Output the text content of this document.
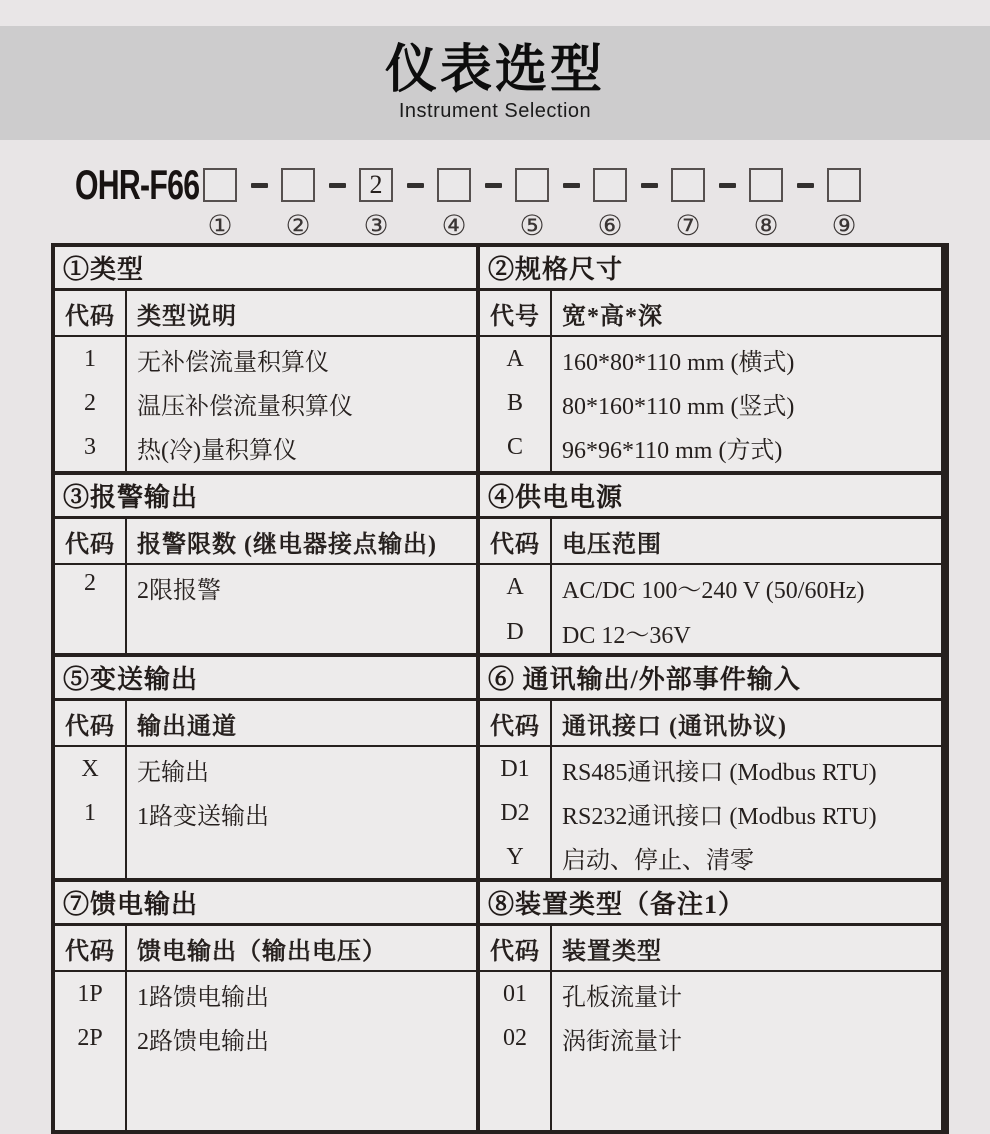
仪表选型
Instrument Selection
OHR-F66	2
① ② ③ ④ ⑤ ⑥ ⑦ ⑧ ⑨
①类型
代码 类型说明
1	无补偿流量积算仪
2	温压补偿流量积算仪
3	热(冷)量积算仪
②规格尺寸
代号 宽*高*深
A	160*80*110 mm (横式)
B	80*160*110 mm (竖式)
C	96*96*110 mm (方式)
③报警输出
代码 报警限数 (继电器接点输出)
2	2限报警
④供电电源
代码 电压范围
A	AC/DC 100～240 V (50/60Hz)
D	DC 12～36V
⑤变送输出
代码 输出通道
X	无输出
1	1路变送输出
⑥ 通讯输出/外部事件输入
代码 通讯接口 (通讯协议)
D1	RS485通讯接口 (Modbus RTU)
D2	RS232通讯接口 (Modbus RTU)
Y	启动、停止、清零
⑦馈电输出
代码 馈电输出（输出电压）
1P	1路馈电输出
2P	2路馈电输出
⑧装置类型（备注1）
代码 装置类型
01	孔板流量计
02	涡街流量计
